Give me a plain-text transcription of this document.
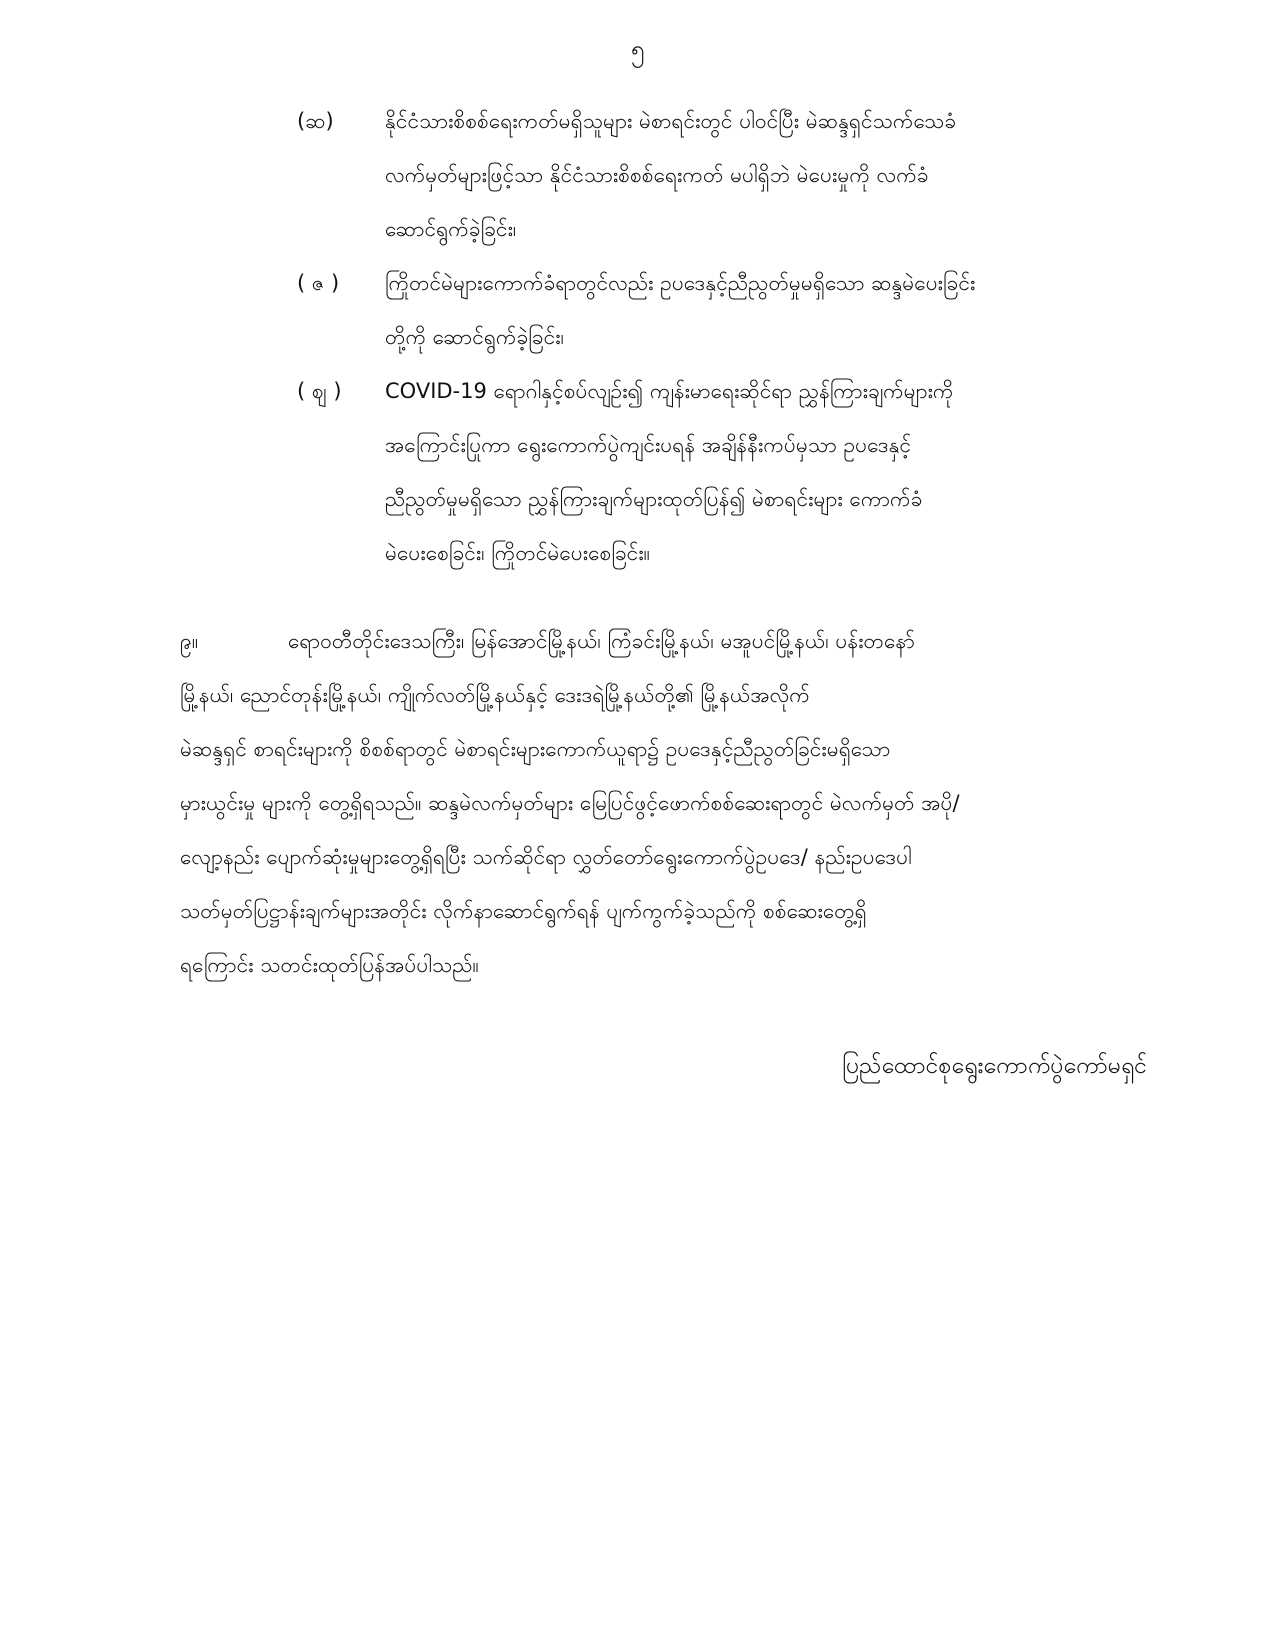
၅
(ဆ)	နိုင်ငံသားစိစစ်ရေးကတ်မရှိသူများ မဲစာရင်းတွင် ပါဝင်ပြီး မဲဆန္ဒရှင်သက်သေခံ
လက်မှတ်များဖြင့်သာ နိုင်ငံသားစိစစ်ရေးကတ် မပါရှိဘဲ မဲပေးမှုကို လက်ခံ
ဆောင်ရွက်ခဲ့ခြင်း၊
( ဇ )	ကြိုတင်မဲများကောက်ခံရာတွင်လည်း ဥပဒေနှင့်ညီညွတ်မှုမရှိသော ဆန္ဒမဲပေးခြင်း
တို့ကို ဆောင်ရွက်ခဲ့ခြင်း၊
( ဈ )	COVID-19 ရောဂါနှင့်စပ်လျဉ်း၍ ကျန်းမာရေးဆိုင်ရာ ညွှန်ကြားချက်များကို
အကြောင်းပြုကာ ရွေးကောက်ပွဲကျင်းပရန် အချိန်နီးကပ်မှသာ ဥပဒေနှင့်
ညီညွတ်မှုမရှိသော ညွှန်ကြားချက်များထုတ်ပြန်၍ မဲစာရင်းများ ကောက်ခံ
မဲပေးစေခြင်း၊ ကြိုတင်မဲပေးစေခြင်း။
၉။	ရောဝတီတိုင်းဒေသကြီး၊ မြန်အောင်မြို့နယ်၊ ကြံခင်းမြို့နယ်၊ မအူပင်မြို့နယ်၊ ပန်းတနော်
မြို့နယ်၊ ညောင်တုန်းမြို့နယ်၊ ကျိုက်လတ်မြို့နယ်နှင့် ဒေးဒရဲမြို့နယ်တို့၏ မြို့နယ်အလိုက်
မဲဆန္ဒရှင် စာရင်းများကို စိစစ်ရာတွင် မဲစာရင်းများကောက်ယူရာ၌ ဥပဒေနှင့်ညီညွတ်ခြင်းမရှိသော
မှားယွင်းမှု များကို တွေ့ရှိရသည်။ ဆန္ဒမဲလက်မှတ်များ မြေပြင်ဖွင့်ဖောက်စစ်ဆေးရာတွင် မဲလက်မှတ် အပို/
လျော့နည်း ပျောက်ဆုံးမှုများတွေ့ရှိရပြီး သက်ဆိုင်ရာ လွှတ်တော်ရွေးကောက်ပွဲဥပဒေ/ နည်းဥပဒေပါ
သတ်မှတ်ပြဋ္ဌာန်းချက်များအတိုင်း လိုက်နာဆောင်ရွက်ရန် ပျက်ကွက်ခဲ့သည်ကို စစ်ဆေးတွေ့ရှိ
ရကြောင်း သတင်းထုတ်ပြန်အပ်ပါသည်။
ပြည်ထောင်စုရွေးကောက်ပွဲကော်မရှင်
